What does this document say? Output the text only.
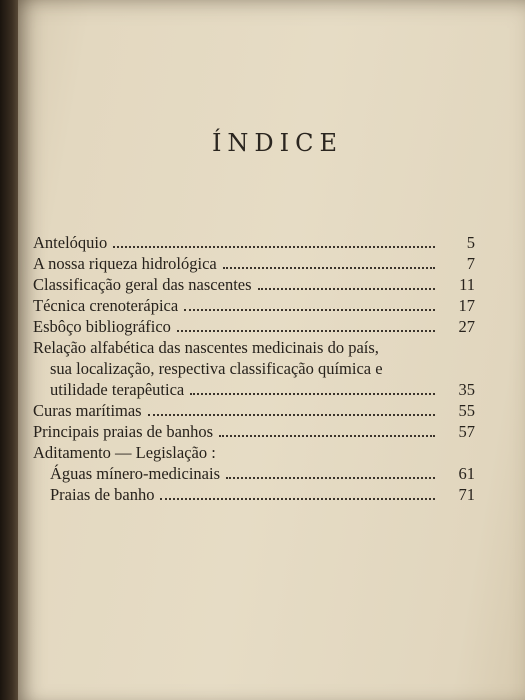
ÍNDICE
Antelóquio	5
A nossa riqueza hidrológica	7
Classificação geral das nascentes	11
Técnica crenoterápica	17
Esbôço bibliográfico	27
Relação alfabética das nascentes medicinais do país,
sua localização, respectiva classificação química e
utilidade terapêutica	35
Curas marítimas	55
Principais praias de banhos	57
Aditamento — Legislação :
Águas mínero-medicinais	61
Praias de banho	71
